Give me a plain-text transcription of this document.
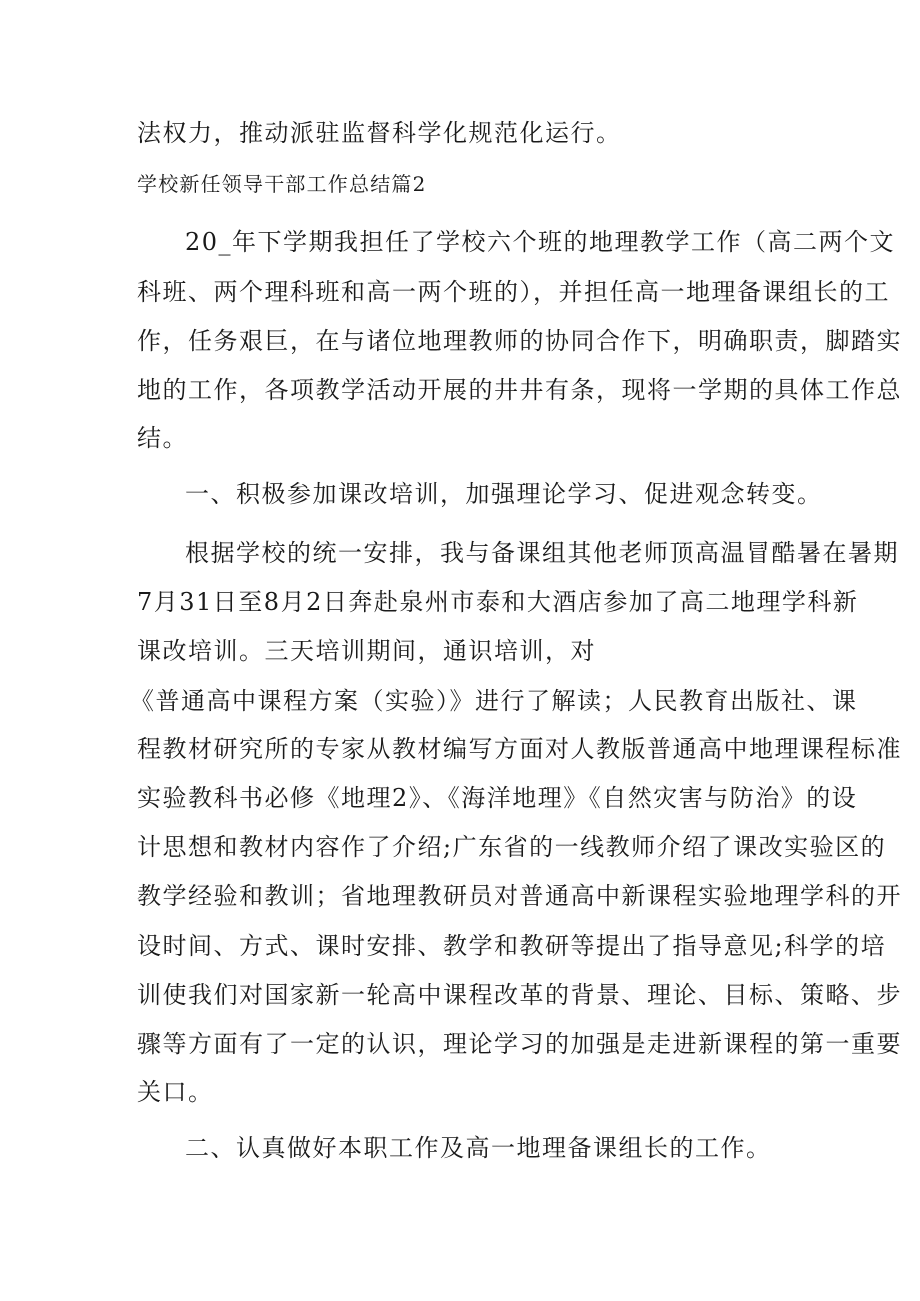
法权力，推动派驻监督科学化规范化运行。
学校新任领导干部工作总结篇2
20_年下学期我担任了学校六个班的地理教学工作（高二两个文
科班、两个理科班和高一两个班的），并担任高一地理备课组长的工
作，任务艰巨，在与诸位地理教师的协同合作下，明确职责，脚踏实
地的工作，各项教学活动开展的井井有条，现将一学期的具体工作总
结。
一、积极参加课改培训，加强理论学习、促进观念转变。
根据学校的统一安排，我与备课组其他老师顶高温冒酷暑在暑期
7月31日至8月2日奔赴泉州市泰和大酒店参加了高二地理学科新
课改培训。三天培训期间，通识培训，对
《普通高中课程方案（实验）》进行了解读；人民教育出版社、课
程教材研究所的专家从教材编写方面对人教版普通高中地理课程标准
实验教科书必修《地理2》、《海洋地理》《自然灾害与防治》的设
计思想和教材内容作了介绍;广东省的一线教师介绍了课改实验区的
教学经验和教训；省地理教研员对普通高中新课程实验地理学科的开
设时间、方式、课时安排、教学和教研等提出了指导意见;科学的培
训使我们对国家新一轮高中课程改革的背景、理论、目标、策略、步
骤等方面有了一定的认识，理论学习的加强是走进新课程的第一重要
关口。
二、认真做好本职工作及高一地理备课组长的工作。
